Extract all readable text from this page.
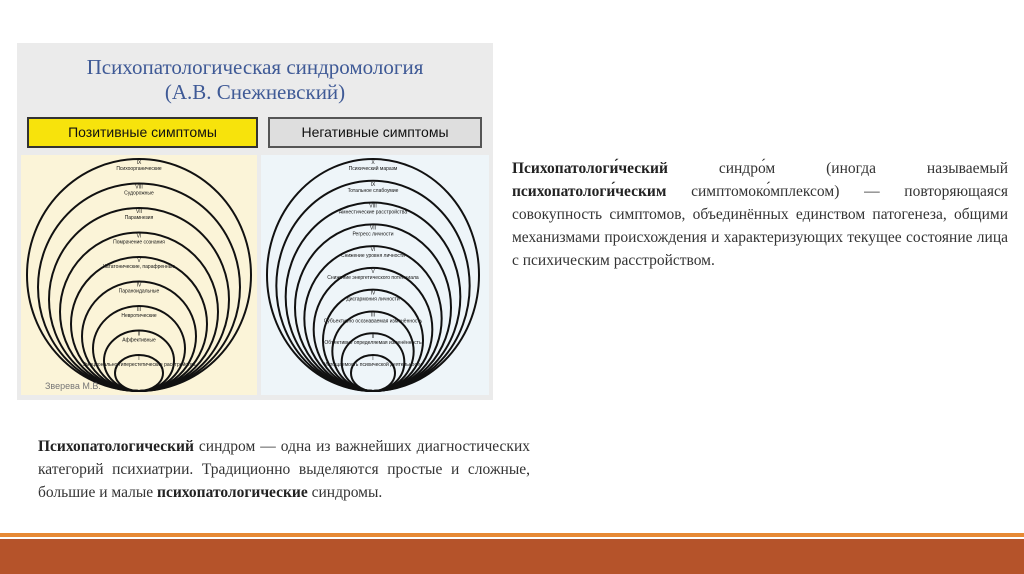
Психопатологическая синдромология
(А.В. Снежневский)
Позитивные симптомы	Негативные симптомы
IX
Психоорганические
VIII
Судорожные
VII
Парамнезия
VI
Помрачение сознания
V
Кататонические, парафренные
IV
Параноидальные
III
Невротические
II
Аффективные
I
Эмоционально-гиперестетические расстройства
X
Психический маразм
IX
Тотальное слабоумие
VIII
Амнестические расстройства
VII
Регресс личности
VI
Снижение уровня личности
V
Снижение энергетического потенциала
IV
Дисгармония личности
III
Субъективно осознаваемая изменённость
II
Объективно определяемая изменённость
I
Истощаемость психической деятельности
Зверева М.В.

Психопатологи́ческий синдро́м (иногда называемый психопатологи́ческим симптомоко́мплексом) — повторяющаяся совокупность симптомов, объединённых единством патогенеза, общими механизмами происхождения и характеризующих текущее состояние лица с психическим расстройством.

Психопатологический синдром — одна из важнейших диагностических категорий психиатрии. Традиционно выделяются простые и сложные, большие и малые психопатологические синдромы.
